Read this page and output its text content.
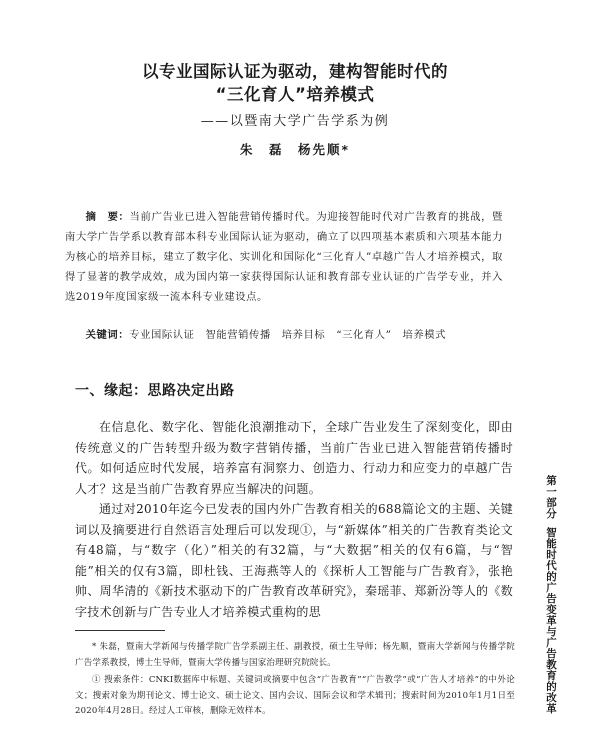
以专业国际认证为驱动，建构智能时代的
“三化育人”培养模式
——以暨南大学广告学系为例
朱　磊　杨先顺*

摘　要：当前广告业已进入智能营销传播时代。为迎接智能时代对广告教育的挑战，暨南大学广告学系以教育部本科专业国际认证为驱动，确立了以四项基本素质和六项基本能力为核心的培养目标，建立了数字化、实训化和国际化“三化育人”卓越广告人才培养模式，取得了显著的教学成效，成为国内第一家获得国际认证和教育部专业认证的广告学专业，并入选2019年度国家级一流本科专业建设点。

关键词：专业国际认证　智能营销传播　培养目标　“三化育人”　培养模式

一、缘起：思路决定出路

在信息化、数字化、智能化浪潮推动下，全球广告业发生了深刻变化，即由传统意义的广告转型升级为数字营销传播，当前广告业已进入智能营销传播时代。如何适应时代发展，培养富有洞察力、创造力、行动力和应变力的卓越广告人才？这是当前广告教育界应当解决的问题。

通过对2010年迄今已发表的国内外广告教育相关的688篇论文的主题、关键词以及摘要进行自然语言处理后可以发现①，与“新媒体”相关的广告教育类论文有48篇，与“数字（化）”相关的有32篇，与“大数据”相关的仅有6篇，与“智能”相关的仅有3篇，即杜钱、王海燕等人的《探析人工智能与广告教育》，张艳帅、周华清的《新技术驱动下的广告教育改革研究》，秦瑶菲、郑新汾等人的《数字技术创新与广告专业人才培养模式重构的思

* 朱磊，暨南大学新闻与传播学院广告学系副主任、副教授，硕士生导师；杨先顺，暨南大学新闻与传播学院广告学系教授，博士生导师，暨南大学传播与国家治理研究院院长。

① 搜索条件：CNKI数据库中标题、关键词或摘要中包含“广告教育”“广告教学”或“广告人才培养”的中外论文；搜索对象为期刊论文、博士论文、硕士论文、国内会议、国际会议和学术辑刊；搜索时间为2010年1月1日至2020年4月28日。经过人工审核，删除无效样本。

第一部分智能时代的广告变革与广告教育的改革
